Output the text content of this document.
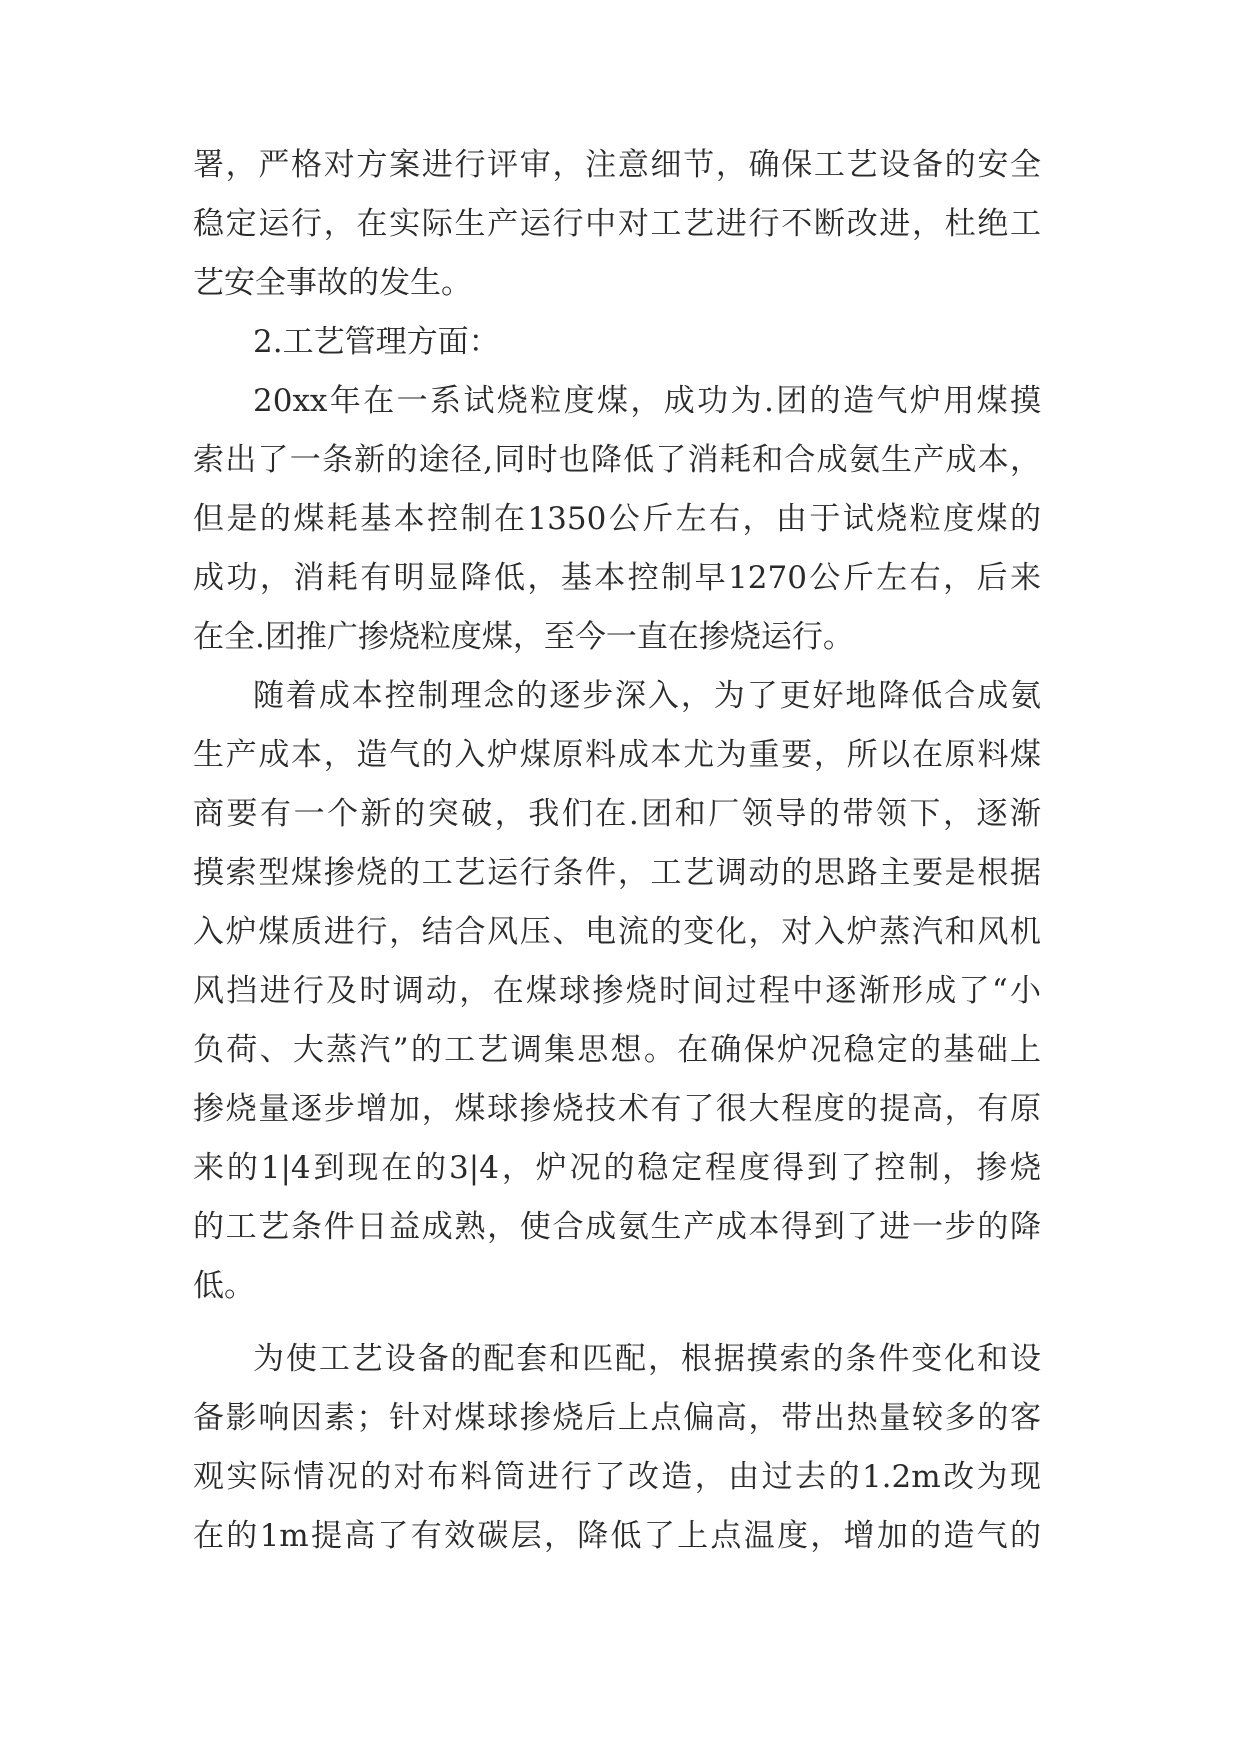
署，严格对方案进行评审，注意细节，确保工艺设备的安全
稳定运行，在实际生产运行中对工艺进行不断改进，杜绝工
艺安全事故的发生。
2.工艺管理方面：
20xx年在一系试烧粒度煤，成功为.团的造气炉用煤摸
索出了一条新的途径,同时也降低了消耗和合成氨生产成本，
但是的煤耗基本控制在1350公斤左右，由于试烧粒度煤的
成功，消耗有明显降低，基本控制早1270公斤左右，后来
在全.团推广掺烧粒度煤，至今一直在掺烧运行。
随着成本控制理念的逐步深入，为了更好地降低合成氨
生产成本，造气的入炉煤原料成本尤为重要，所以在原料煤
商要有一个新的突破，我们在.团和厂领导的带领下，逐渐
摸索型煤掺烧的工艺运行条件，工艺调动的思路主要是根据
入炉煤质进行，结合风压、电流的变化，对入炉蒸汽和风机
风挡进行及时调动，在煤球掺烧时间过程中逐渐形成了“小
负荷、大蒸汽”的工艺调集思想。在确保炉况稳定的基础上
掺烧量逐步增加，煤球掺烧技术有了很大程度的提高，有原
来的1|4到现在的3|4，炉况的稳定程度得到了控制，掺烧
的工艺条件日益成熟，使合成氨生产成本得到了进一步的降
低。
为使工艺设备的配套和匹配，根据摸索的条件变化和设
备影响因素；针对煤球掺烧后上点偏高，带出热量较多的客
观实际情况的对布料筒进行了改造，由过去的1.2m改为现
在的1m提高了有效碳层，降低了上点温度，增加的造气的
